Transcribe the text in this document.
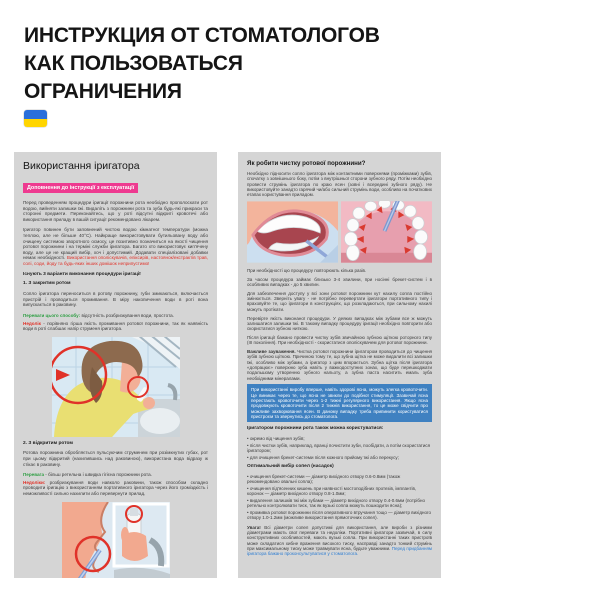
ИНСТРУКЦИЯ ОТ СТОМАТОЛОГОВ
КАК ПОЛЬЗОВАТЬСЯ
ОГРАНИЧЕНИЯ
Використання іригатора
Доповнення до інструкції з експлуатації

Перед проведенням процедури іригації порожнини рота необхідно прополоскати рот водою, вийняти залишки їжі. Видаліть з порожнини рота та зуба будь-які прикраси та сторонні предмети. Переконайтесь, що у роті відсутні відкриті кровотечі або використання приладу в вашій ситуації рекомендовано лікарем.

Іригатор повинен бути заповнений чистою водою кімнатної температури (можна теплою, але не більше 40°С). Найкраще використовувати бутильовану воду або очищену системою зворотного осмосу, це позитивно позначиться на якості чищення ротової порожнини і на терміні служби іригатора. Багато хто використовує кип'ячену воду, але це не кращий вибір, хоч і допустимий. Додавати спеціалізовані добавки немає необхідності. Використання ополіскувачів, еліксирів, настоянок/екстрактів трав, солі, соди, йоду та будь-яких інших домішок неприпустимо!

Існують 3 варіанти виконання процедури іригації
1. З закритим ротом

Сопло іригатора переноситься в ротову порожнину, губи змикаються, включається пристрій і проводиться промивання. В міру накопичення води в роті вона випускається в раковину.

Переваги цього способу: відсутність розбризкування води, простота.

Недолік - порівняно гірша якість промивання ротової порожнини, так як наявність води в роті слабшає напір струменя іригатора.

2. З відкритим ротом

Ротова порожнина обробляється пульсуючим струменем при розімкнутих губах, рот при цьому відкритий (нахилившись над раковиною), використана вода відразу ж стікає в раковину.

Перевага - більш ретельна і швидка гігієна порожнини рота.

Недоліки: розбризкування води навколо раковини, також способом складно проводити іригацію з використанням портативного іригатора через його громіздкість і неможливості сильно нахилити або перевернути прилад.

Як робити чистку ротової порожнини?

Необхідно підносити сопло іригатора між контактними поверхнями (проміжками) зубів, спочатку з зовнішнього боку, потім з внутрішньої сторони зубного ряду. Потім необхідно провести струмінь іригатора по краю ясен (зовні і всередині зубного ряду). Не використовуйте занадто гарячий чи/або сильний струмінь води, особливо на початкових етапах користування приладом.

При необхідності цю процедуру повторюють кілька разів.

За часом процедура займає близько 3-4 хвилини, при носінні брекет-систем і в особливих випадках - до 5 хвилин.

Для забезпечення доступу у всі зони ротової порожнини кут нахилу сопла постійно змінюється. Зверніть увагу - не потрібно перевертати іригатори портативного типу і враховуйте те, що іригатори в конструкціях, що розкладаються, при сильному нахилі можуть протікати.

Перевірте якість виконаної процедури. У деяких випадках між зубами все ж можуть залишатися залишки їжі. В такому випадку процедуру іригації необхідно повторити або скористатися зубною ниткою.

Після іригації бажано провести чистку зубів звичайною зубною щіткою роторного типу (III покоління). При необхідності - скористатися ополіскувачем для ротової порожнини.

Важливе зауваження. Чистка ротової порожнини іригатором проводиться до чищення зубів зубною щіткою. Причиною тому те, що зубна щітка не може видалити всі залишки їжі, особливо між зубами, а іригатор з цим впорається. Зубна щітка після іригатора «допрацює» поверхню зуба навіть у важкодоступних зонах, що буде перешкоджати подальшому утворенню зубного нальоту, а зубна паста наситить емаль зуба необхідними мінералами.

При використанні виробу вперше, навіть здорові ясна, можуть злегка кровоточити. Це виникає через те, що ясна не звикли до подібної стимуляції. Зазвичай ясна перестають кровоточити через 1-2 тижні регулярного використання. Якщо ясна продовжують кровоточити після 2 тижнів використання, то це може свідчити про можливе захворювання ясен. В даному випадку треба припинити користуватися пристроєм та звернутись до стоматолога.
Іригатором порожнини рота також можна користуватися:

• окремо від чищення зубів;

• після чистки зубів, наприклад, вранці почистити зуби, пообідати, а потім скористатися іригатором;

• для очищення брекет-системи після кожного прийому їжі або перекусу;

Оптимальний вибір сопел (насадок)

• очищення брекет-системи — діаметр вихідного отвору 0.6-0.8мм (також рекомендовано овальні сопла);

• очищення під'ясенних кишень при наявності мостоподібних протезів, імплантів, коронок — діаметр вихідного отвору 0.8-1.0мм;

• видалення залишків їжі між зубами — діаметр вихідного отвору 0.4-0.6мм (потрібно ретельно контролювати тиск, так як вузькі сопла можуть пошкодити ясна);

• промивка ротової порожнини після оперативного втручання тощо — діаметр вихідного отвору 1.0-1.2мм (можливе використання прямоточних сопел).

Увага! Всі діаметри сопел допустимі для використання, але вироби з різними діаметрами мають свої переваги та недоліки. Портативні іригатори зазвичай, в силу конструктивних особливостей, мають вузькі сопла. При використанні таких пристроїв може складатися хибне враження високого тиску, насправді занадто тонкий струмінь при максимальному тиску може травмувати ясна, будьте уважними. Перед придбанням іригатора бажано проконсультуватися у стоматолога.
